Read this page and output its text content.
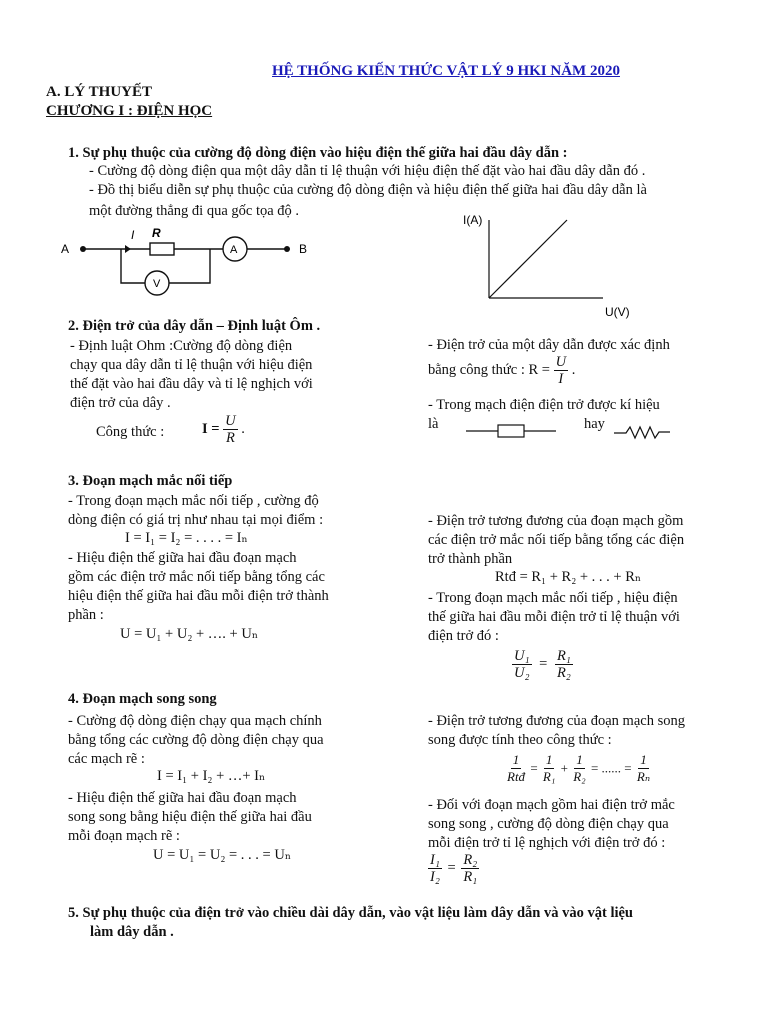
HỆ THỐNG KIẾN THỨC VẬT LÝ 9 HKI NĂM 2020
A. LÝ THUYẾT
CHƯƠNG I : ĐIỆN HỌC
1. Sự phụ thuộc của cường độ dòng điện vào hiệu điện thế giữa hai đầu dây dẫn :
- Cường độ dòng điện qua một dây dẫn tỉ lệ thuận với hiệu điện thế đặt vào hai đầu dây dẫn đó .
- Đồ thị biểu diễn sự phụ thuộc của cường độ dòng điện và hiệu điện thế giữa hai đầu dây dẫn là
một đường thẳng đi qua gốc tọa độ .
A
I R
A	B
V
I(A)
U(V)
2. Điện trở của dây dẫn – Định luật Ôm .
- Định luật Ohm :Cường độ dòng điện
chạy qua dây dẫn tỉ lệ thuận với hiệu điện
thế đặt vào hai đầu dây và tỉ lệ nghịch với
điện trở của dây .
Công thức :	$I = \frac{U}{R}$ .
- Điện trở của một dây dẫn được xác định
bằng công thức : $R = \frac{U}{I}$ .
- Trong mạch điện điện trở được kí hiệu
là	hay
3. Đoạn mạch mắc nối tiếp
- Trong đoạn mạch mắc nối tiếp , cường độ
dòng điện có giá trị như nhau tại mọi điểm :
I = I₁ = I₂ = . . . . = Iₙ
- Hiệu điện thế giữa hai đầu đoạn mạch
gồm các điện trở mắc nối tiếp bằng tổng các
hiệu điện thế giữa hai đầu mỗi điện trở thành
phần :
U = U₁ + U₂ + …. + Uₙ
- Điện trở tương đương của đoạn mạch gồm
các điện trở mắc nối tiếp bằng tổng các điện
trở thành phần
Rtđ = R₁ + R₂ + . . . + Rₙ
- Trong đoạn mạch mắc nối tiếp , hiệu điện
thế giữa hai đầu mỗi điện trở tỉ lệ thuận với
điện trở đó :
$\frac{\text{U₁}}{\text{U₂}} = \frac{\text{R₁}}{\text{R₂}}$
4. Đoạn mạch song song
- Cường độ dòng điện chạy qua mạch chính
bằng tổng các cường độ dòng điện chạy qua
các mạch rẽ :
I = I₁ + I₂ + …+ Iₙ
- Hiệu điện thế giữa hai đầu đoạn mạch
song song bằng hiệu điện thế giữa hai đầu
mỗi đoạn mạch rẽ :
U = U₁ = U₂ = . . . = Uₙ
- Điện trở tương đương của đoạn mạch song
song được tính theo công thức :
$\frac{1}{\text{Rtđ}} = \frac{1}{\text{R₁}} + \frac{1}{\text{R₂}}$ = ...... = $\frac{1}{\text{Rₙ}}$
- Đối với đoạn mạch gồm hai điện trở mắc
song song , cường độ dòng điện chạy qua
mỗi điện trở tỉ lệ nghịch với điện trở đó :
$\frac{\text{I₁}}{\text{I₂}} = \frac{\text{R₂}}{\text{R₁}}$
5. Sự phụ thuộc của điện trở vào chiều dài dây dẫn, vào vật liệu làm dây dẫn và vào vật liệu
làm dây dẫn .
